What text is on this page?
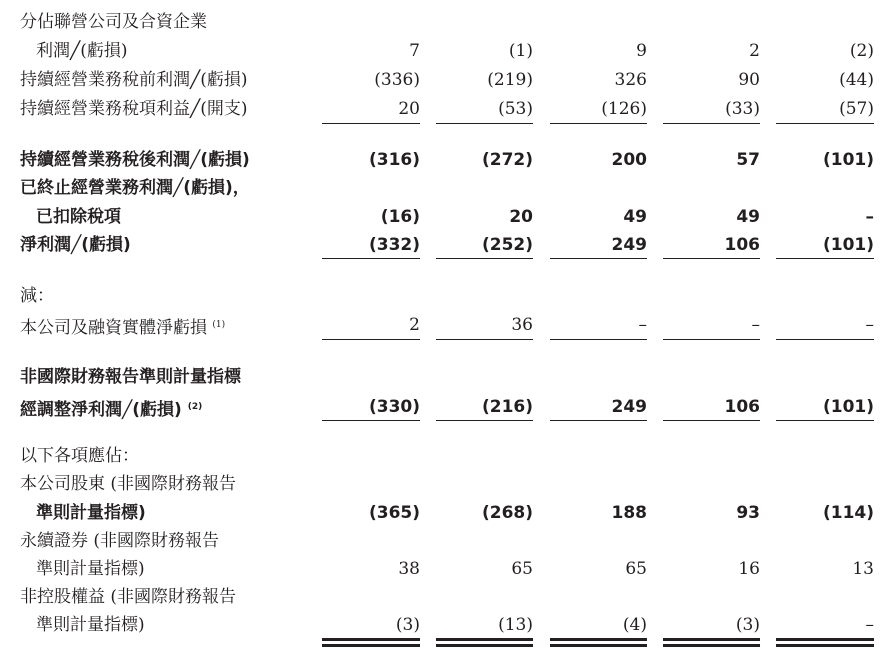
分佔聯營公司及合資企業
利潤╱(虧損)	7	(1)	9	2	(2)
持續經營業務稅前利潤╱(虧損)	(336)	(219)	326	90	(44)
持續經營業務稅項利益╱(開支)	20	(53)	(126)	(33)	(57)
持續經營業務稅後利潤╱(虧損)	(316)	(272)	200	57	(101)
已終止經營業務利潤╱(虧損)，
已扣除稅項	(16)	20	49	49	–
淨利潤╱(虧損)	(332)	(252)	249	106	(101)
減：
本公司及融資實體淨虧損 $^{(1)}$	2	36	–	–	–
非國際財務報告準則計量指標
經調整淨利潤╱(虧損) $^{(2)}$	(330)	(216)	249	106	(101)
以下各項應佔：
本公司股東 (非國際財務報告
準則計量指標)	(365)	(268)	188	93	(114)
永續證券 (非國際財務報告
準則計量指標)	38	65	65	16	13
非控股權益 (非國際財務報告
準則計量指標)	(3)	(13)	(4)	(3)	–
